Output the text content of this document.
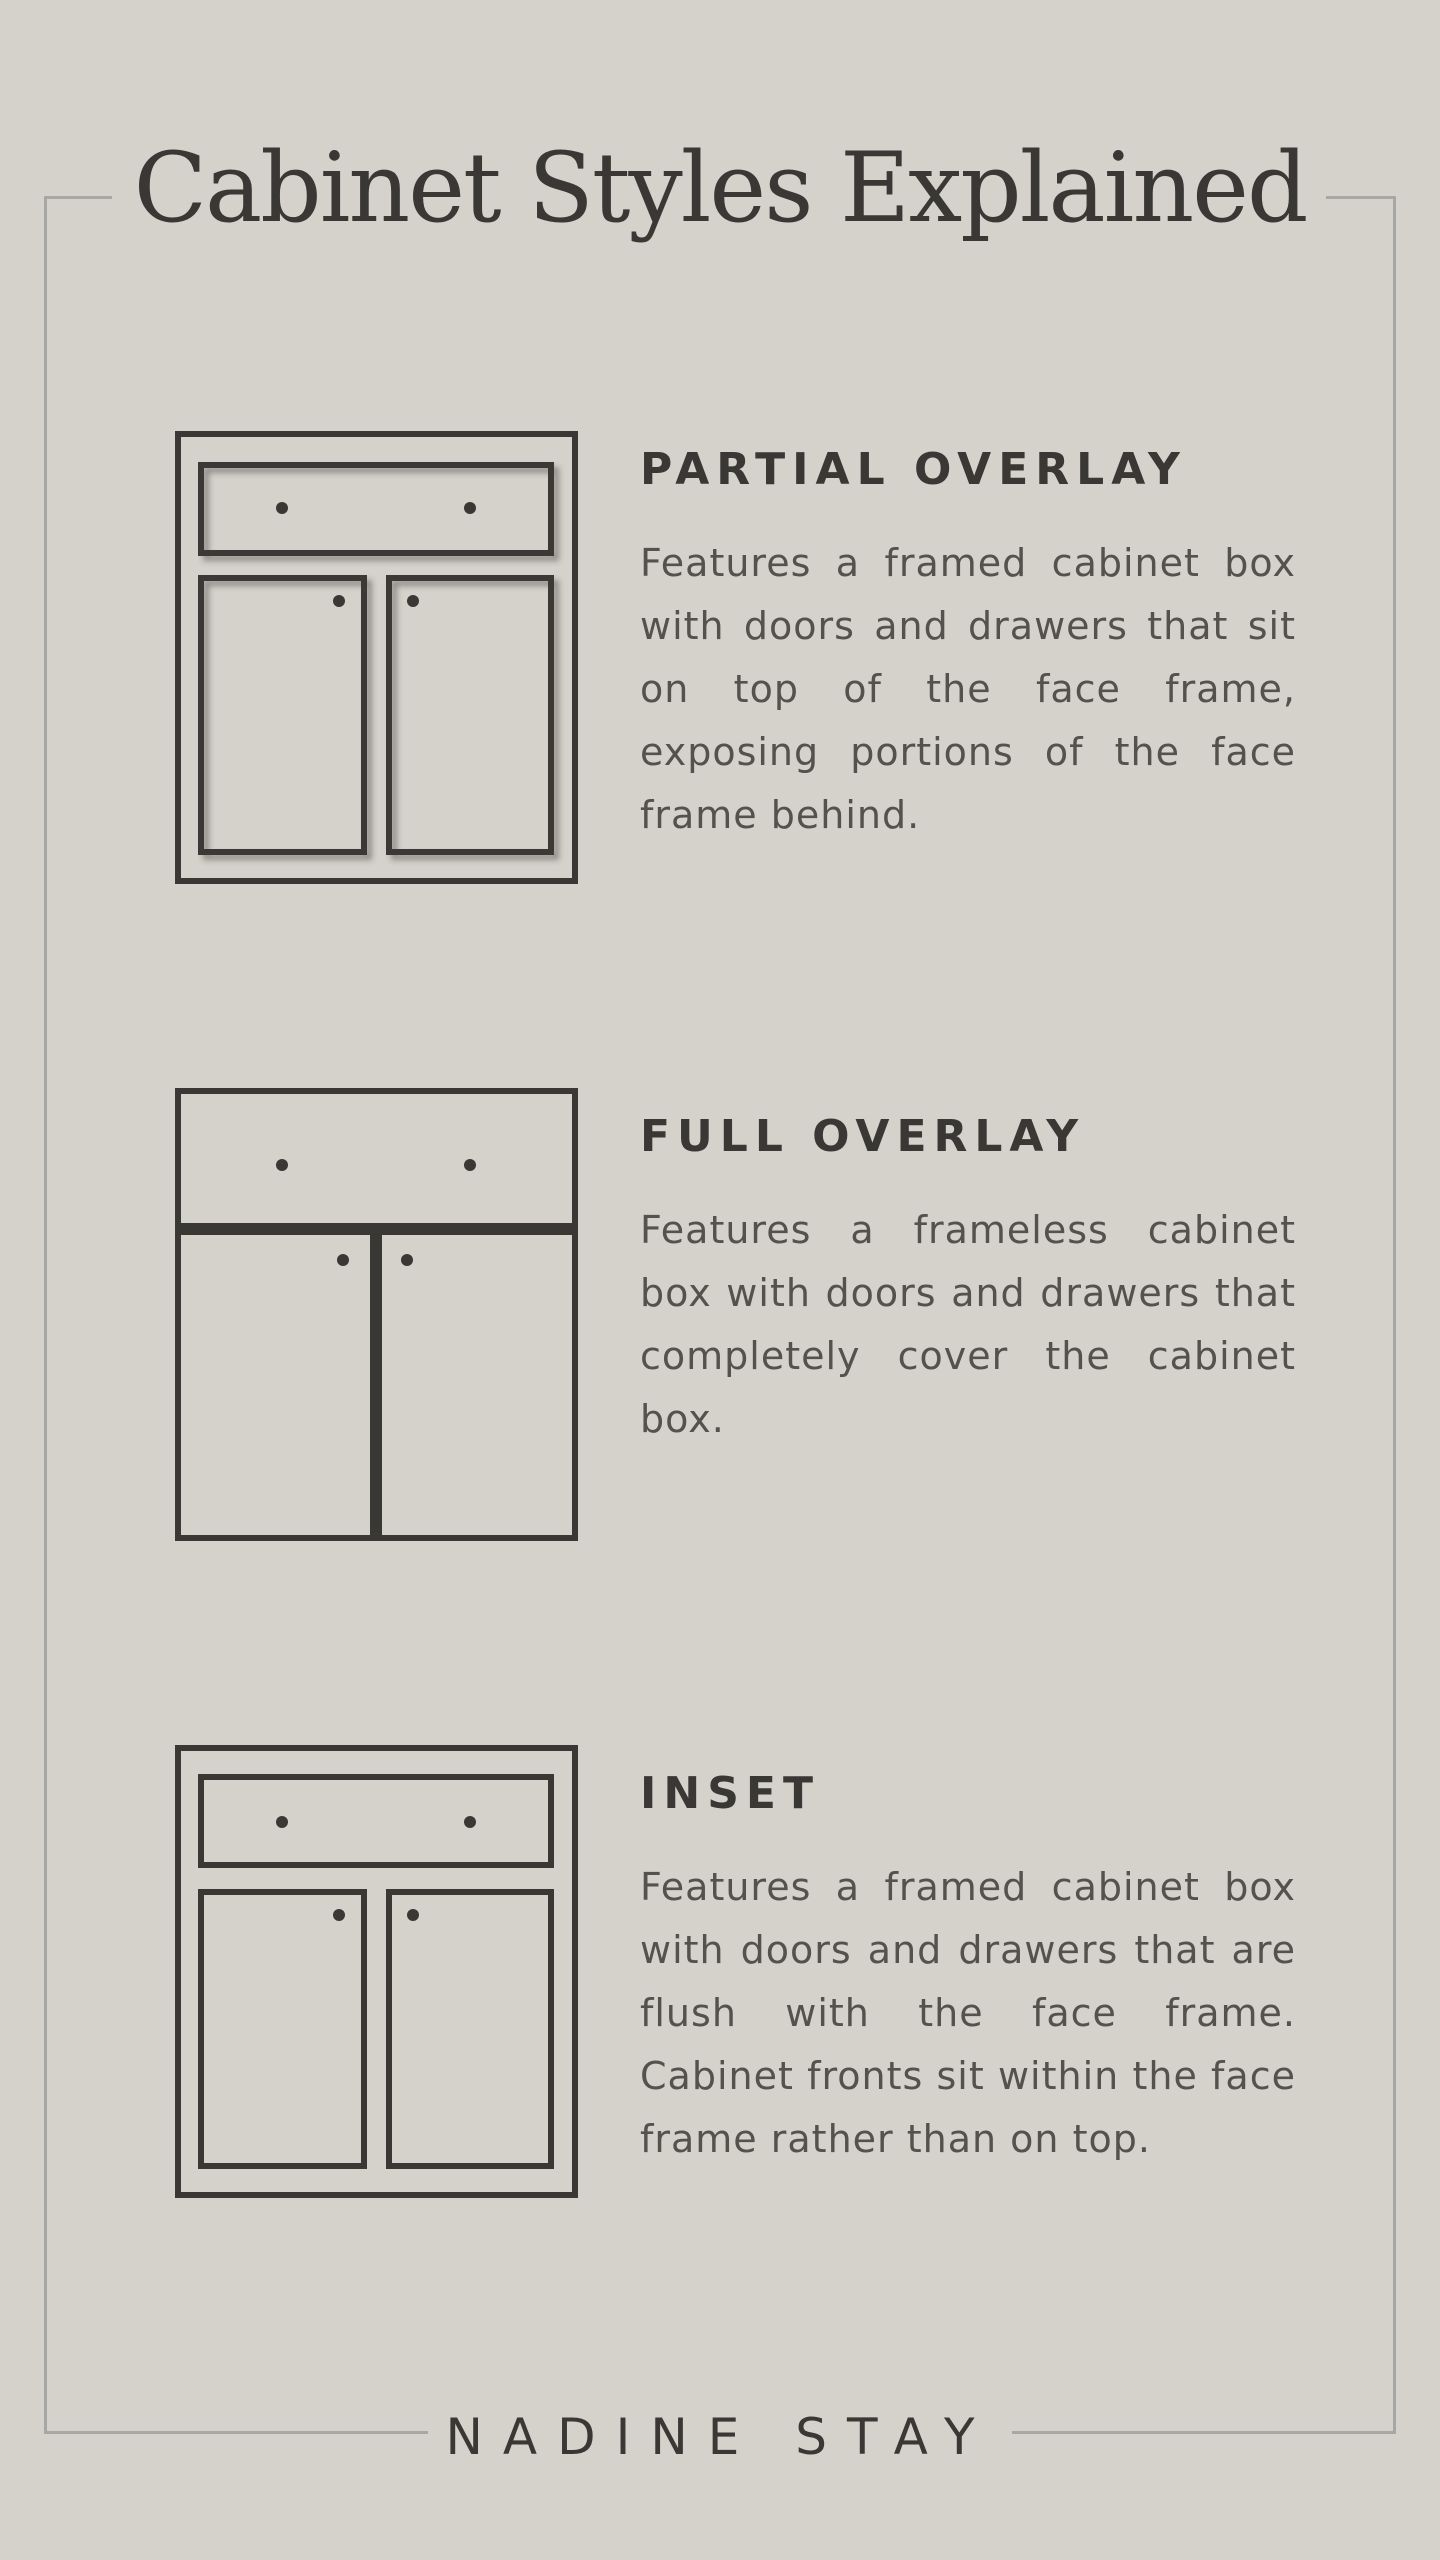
Cabinet Styles Explained
PARTIAL OVERLAY

Features a framed cabinet box with doors and drawers that sit on top of the face frame, exposing portions of the face frame behind.

FULL OVERLAY

Features a frameless cabinet box with doors and drawers that completely cover the cabinet box.

INSET

Features a framed cabinet box with doors and drawers that are flush with the face frame. Cabinet fronts sit within the face frame rather than on top.

NADINE STAY
